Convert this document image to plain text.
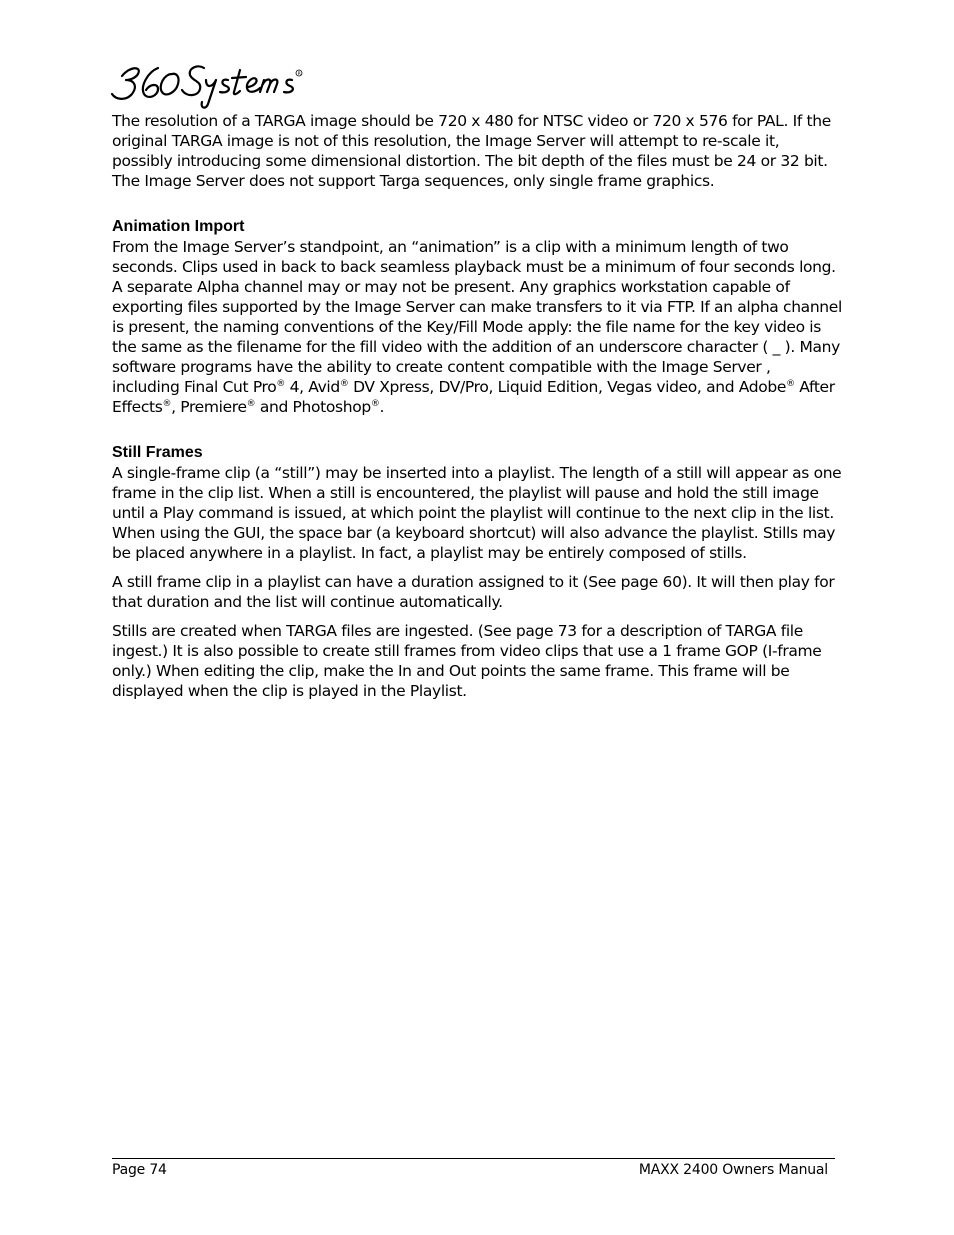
R

The resolution of a TARGA image should be 720 x 480 for NTSC video or 720 x 576 for PAL. If the original TARGA image is not of this resolution, the Image Server will attempt to re-scale it, possibly introducing some dimensional distortion. The bit depth of the files must be 24 or 32 bit. The Image Server does not support Targa sequences, only single frame graphics.

Animation Import

From the Image Server’s standpoint, an “animation” is a clip with a minimum length of two seconds. Clips used in back to back seamless playback must be a minimum of four seconds long. A separate Alpha channel may or may not be present. Any graphics workstation capable of exporting files supported by the Image Server can make transfers to it via FTP. If an alpha channel is present, the naming conventions of the Key/Fill Mode apply: the file name for the key video is the same as the filename for the fill video with the addition of an underscore character ( _ ). Many software programs have the ability to create content compatible with the Image Server , including Final Cut Pro® 4, Avid® DV Xpress, DV/Pro, Liquid Edition, Vegas video, and Adobe® After Effects®, Premiere® and Photoshop®.

Still Frames

A single-frame clip (a “still”) may be inserted into a playlist. The length of a still will appear as one frame in the clip list. When a still is encountered, the playlist will pause and hold the still image until a Play command is issued, at which point the playlist will continue to the next clip in the list. When using the GUI, the space bar (a keyboard shortcut) will also advance the playlist. Stills may be placed anywhere in a playlist. In fact, a playlist may be entirely composed of stills.

A still frame clip in a playlist can have a duration assigned to it (See page 60). It will then play for that duration and the list will continue automatically.

Stills are created when TARGA files are ingested. (See page 73 for a description of TARGA file ingest.) It is also possible to create still frames from video clips that use a 1 frame GOP (I-frame only.) When editing the clip, make the In and Out points the same frame. This frame will be displayed when the clip is played in the Playlist.

Page 74	MAXX 2400 Owners Manual
